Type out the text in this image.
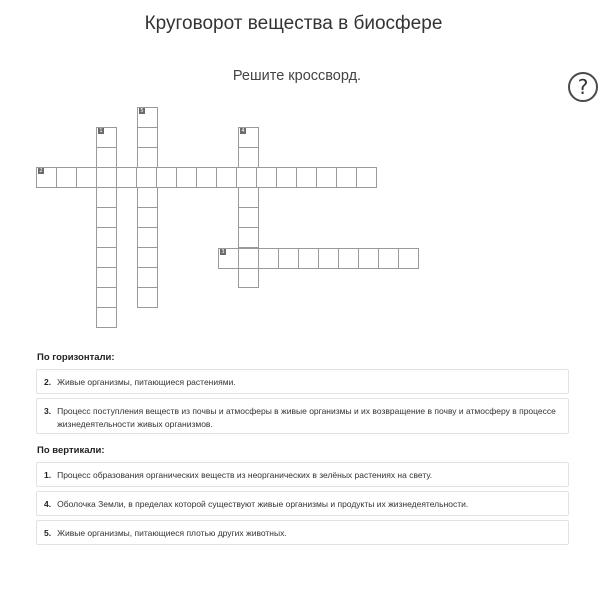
Круговорот вещества в биосфере
Решите кроссворд.	?
1
5
4
2
3
По горизонтали:
2. Живые организмы, питающиеся растениями.
3. Процесс поступления веществ из почвы и атмосферы в живые организмы и их возвращение в почву и атмосферу в процессе жизнедеятельности живых организмов.
По вертикали:
1. Процесс образования органических веществ из неорганических в зелёных растениях на свету.
4. Оболочка Земли, в пределах которой существуют живые организмы и продукты их жизнедеятельности.
5. Живые организмы, питающиеся плотью других животных.
